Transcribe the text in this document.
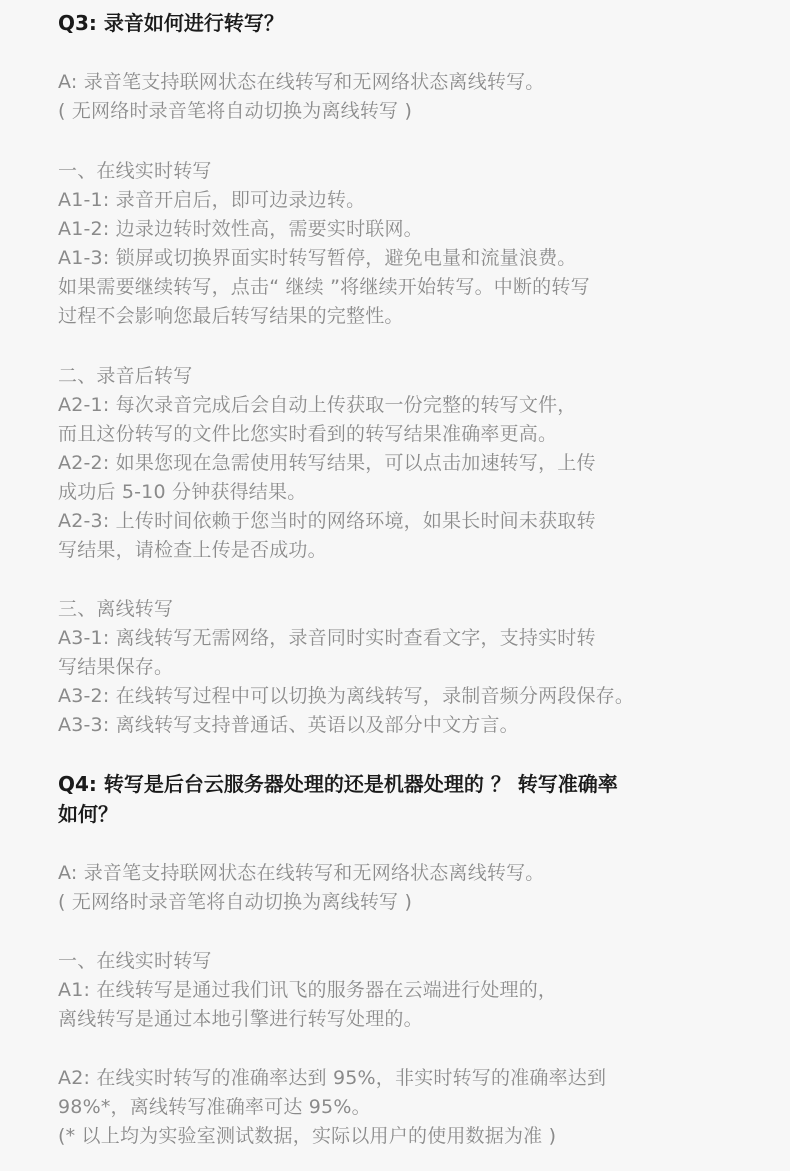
Q3: 录音如何进行转写？
A: 录音笔支持联网状态在线转写和无网络状态离线转写。
( 无网络时录音笔将自动切换为离线转写 )
一、在线实时转写
A1-1: 录音开启后，即可边录边转。
A1-2: 边录边转时效性高，需要实时联网。
A1-3: 锁屏或切换界面实时转写暂停，避免电量和流量浪费。
如果需要继续转写，点击“ 继续 ”将继续开始转写。中断的转写
过程不会影响您最后转写结果的完整性。
二、录音后转写
A2-1: 每次录音完成后会自动上传获取一份完整的转写文件，
而且这份转写的文件比您实时看到的转写结果准确率更高。
A2-2: 如果您现在急需使用转写结果，可以点击加速转写，上传
成功后 5-10 分钟获得结果。
A2-3: 上传时间依赖于您当时的网络环境，如果长时间未获取转
写结果，请检查上传是否成功。
三、离线转写
A3-1: 离线转写无需网络，录音同时实时查看文字，支持实时转
写结果保存。
A3-2: 在线转写过程中可以切换为离线转写，录制音频分两段保存。
A3-3: 离线转写支持普通话、英语以及部分中文方言。
Q4: 转写是后台云服务器处理的还是机器处理的 ？ 转写准确率
如何？
A: 录音笔支持联网状态在线转写和无网络状态离线转写。
( 无网络时录音笔将自动切换为离线转写 )
一、在线实时转写
A1: 在线转写是通过我们讯飞的服务器在云端进行处理的，
离线转写是通过本地引擎进行转写处理的。
A2: 在线实时转写的准确率达到 95%，非实时转写的准确率达到
98%*，离线转写准确率可达 95%。
(* 以上均为实验室测试数据，实际以用户的使用数据为准 )
